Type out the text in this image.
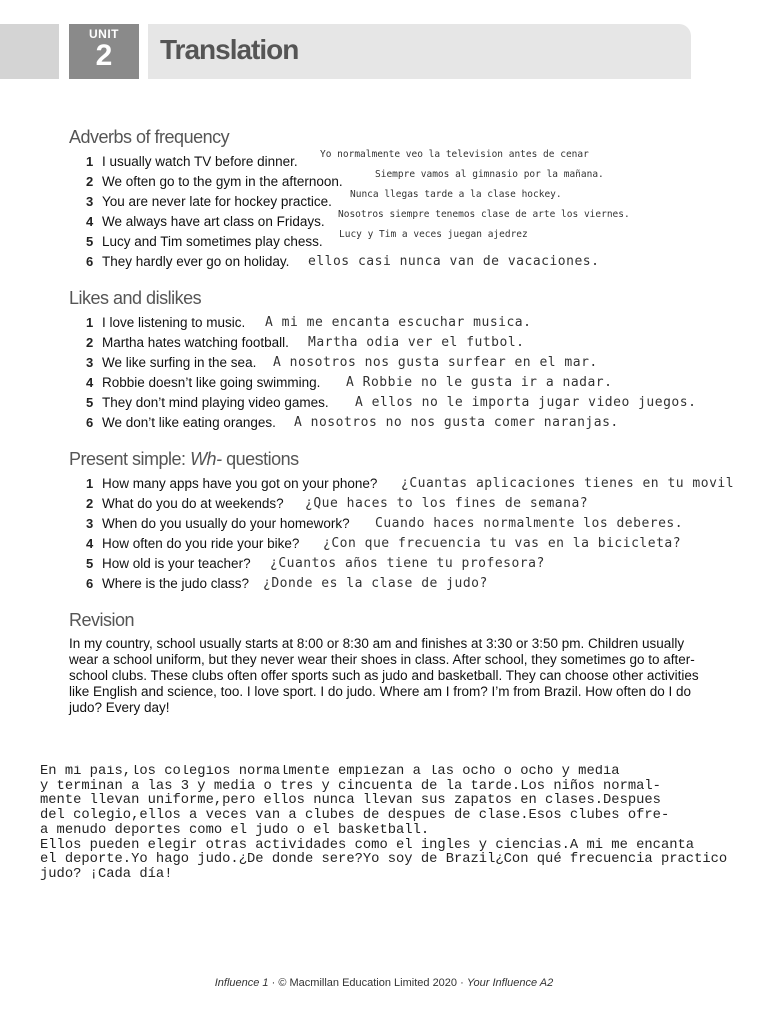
UNIT
2	Translation
Adverbs of frequency
1 I usually watch TV before dinner. Yo normalmente veo la television antes de cenar
2 We often go to the gym in the afternoon.	Siempre vamos al gimnasio por la mañana.
3 You are never late for hockey practice. Nunca llegas tarde a la clase hockey.
4 We always have art class on Fridays. Nosotros siempre tenemos clase de arte los viernes.
5 Lucy and Tim sometimes play chess. Lucy y Tim a veces juegan ajedrez
6 They hardly ever go on holiday. ellos casi nunca van de vacaciones.
Likes and dislikes
1 I love listening to music. A mi me encanta escuchar musica.
2 Martha hates watching football. Martha odia ver el futbol.
3 We like surfing in the sea. A nosotros nos gusta surfear en el mar.
4 Robbie doesn’t like going swimming. A Robbie no le gusta ir a nadar.
5 They don’t mind playing video games. A ellos no le importa jugar video juegos.
6 We don’t like eating oranges. A nosotros no nos gusta comer naranjas.
Present simple: Wh- questions
1 How many apps have you got on your phone? ¿Cuantas aplicaciones tienes en tu movil
2 What do you do at weekends? ¿Que haces to los fines de semana?
3 When do you usually do your homework? Cuando haces normalmente los deberes.
4 How often do you ride your bike? ¿Con que frecuencia tu vas en la bicicleta?
5 How old is your teacher? ¿Cuantos años tiene tu profesora?
6 Where is the judo class? ¿Donde es la clase de judo?
Revision

In my country, school usually starts at 8:00 or 8:30 am and finishes at 3:30 or 3:50 pm. Children usually wear a school uniform, but they never wear their shoes in class. After school, they sometimes go to after-school clubs. These clubs often offer sports such as judo and basketball. They can choose other activities like English and science, too. I love sport. I do judo. Where am I from? I’m from Brazil. How often do I do judo? Every day!

En mi pais,los colegios normalmente empiezan a las ocho o ocho y media
y terminan a las 3 y media o tres y cincuenta de la tarde.Los niños normal-
mente llevan uniforme,pero ellos nunca llevan sus zapatos en clases.Despues
del colegio,ellos a veces van a clubes de despues de clase.Esos clubes ofre-
a menudo deportes como el judo o el basketball.
Ellos pueden elegir otras actividades como el ingles y ciencias.A mi me encanta
el deporte.Yo hago judo.¿De donde sere?Yo soy de Brazil¿Con qué frecuencia practico
judo? ¡Cada día!
Influence 1 · © Macmillan Education Limited 2020 · Your Influence A2
